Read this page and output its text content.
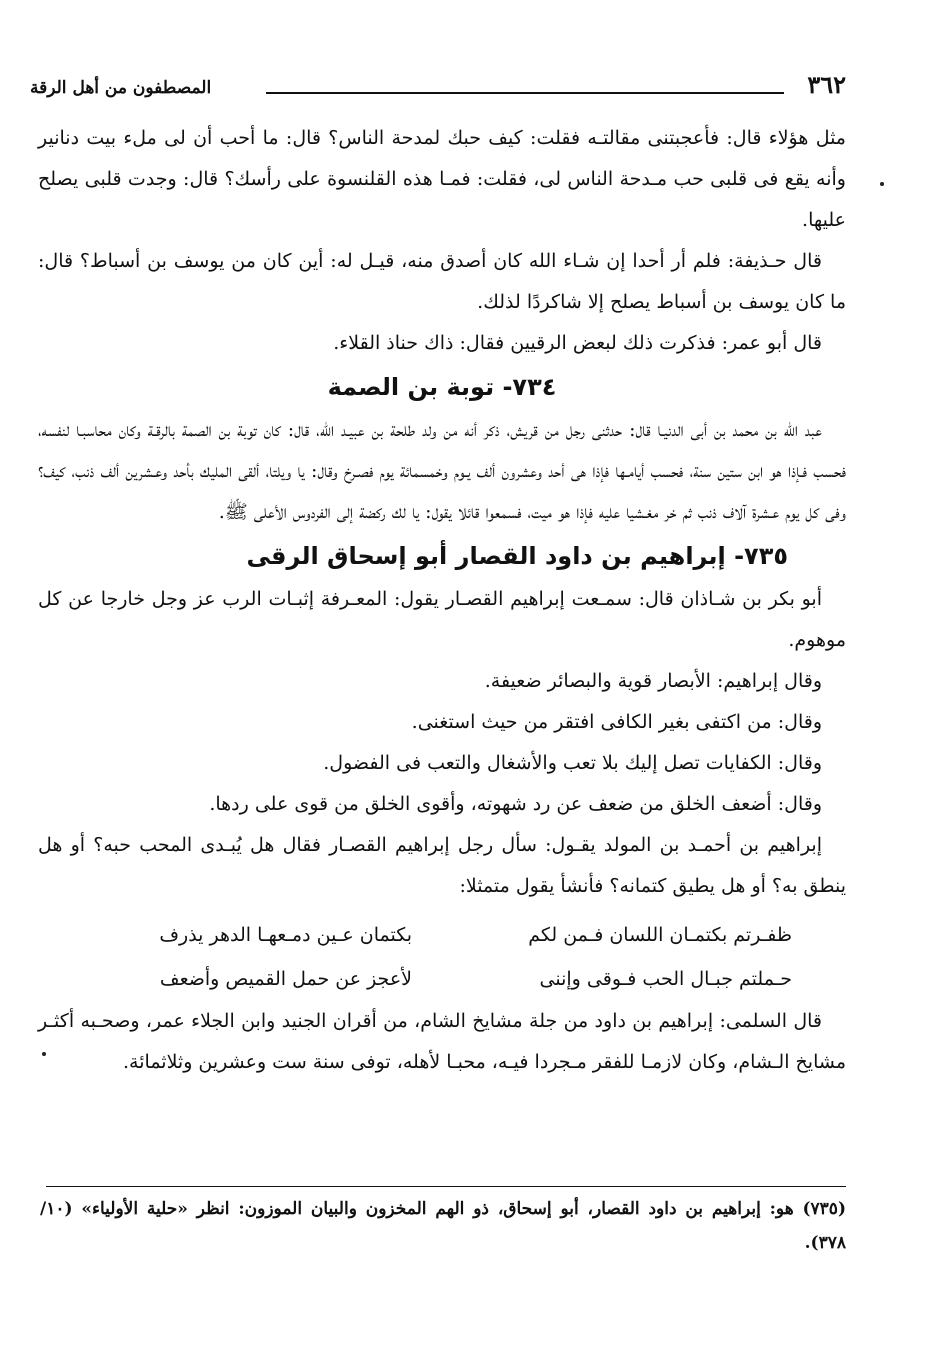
٣٦٢
المصطفون من أهل الرقة

مثل هؤلاء قال: فأعجبتنى مقالتـه فقلت: كيف حبك لمدحة الناس؟ قال: ما أحب أن لى ملء بيت دنانير وأنه يقع فى قلبى حب مـدحة الناس لى، فقلت: فمـا هذه القلنسوة على رأسك؟ قال: وجدت قلبى يصلح عليها.

قال حـذيفة: فلم أر أحدا إن شـاء الله كان أصدق منه، قيـل له: أين كان من يوسف بن أسباط؟ قال: ما كان يوسف بن أسباط يصلح إلا شاكردًا لذلك.

قال أبو عمر: فذكرت ذلك لبعض الرقيين فقال: ذاك حناذ القلاء.

٧٣٤- توبة بن الصمة

عبد الله بن محمد بن أبى الدنيـا قال: حدثنى رجل من قريش، ذكر أنه من ولد طلحة بن عبيـد الله، قال: كان توبة بن الصمة بالرقـة وكان محاسبـا لنفسه، فحسب فـإذا هو ابن ستين سنة، فحسب أيامـها فإذا هى أحد وعشرون ألف يـوم وخمسمائة يوم فصـرخ وقال: يا ويلتا، ألقى المليك بأحد وعـشرين ألف ذنب، كيف؟ وفى كل يوم عـشرة آلاف ذنب ثم خر مغـشيا عليه فإذا هو ميت، فسمعوا قائلا يقول: يا لك ركضة إلى الفردوس الأعلى ﷺ.

٧٣٥- إبراهيم بن داود القصار أبو إسحاق الرقى

أبو بكر بن شـاذان قال: سمـعت إبراهيم القصـار يقول: المعـرفة إثبـات الرب عز وجل خارجا عن كل موهوم.

وقال إبراهيم: الأبصار قوية والبصائر ضعيفة.

وقال: من اكتفى بغير الكافى افتقر من حيث استغنى.

وقال: الكفايات تصل إليك بلا تعب والأشغال والتعب فى الفضول.

وقال: أضعف الخلق من ضعف عن رد شهوته، وأقوى الخلق من قوى على ردها.

إبراهيم بن أحمـد بن المولد يقـول: سأل رجل إبراهيم القصـار فقال هل يُبـدى المحب حبه؟ أو هل ينطق به؟ أو هل يطيق كتمانه؟ فأنشأ يقول متمثلا:

ظفـرتم بكتمـان اللسان فـمن لكم
بكتمان عـين دمـعهـا الدهر يذرف
حـملتم جبـال الحب فـوقى وإننى
لأعجز عن حمل القميص وأضعف

قال السلمى: إبراهيم بن داود من جلة مشايخ الشام، من أقران الجنيد وابن الجلاء عمر، وصحـبه أكثـر مشايخ الـشام، وكان لازمـا للفقر مـجردا فيـه، محبـا لأهله، توفى سنة ست وعشرين وثلاثمائة.

(٧٣٥) هو: إبراهيم بن داود القصار، أبو إسحاق، ذو الهم المخزون والبيان الموزون: انظر «حلية الأولياء» (١٠/ ٣٧٨).
